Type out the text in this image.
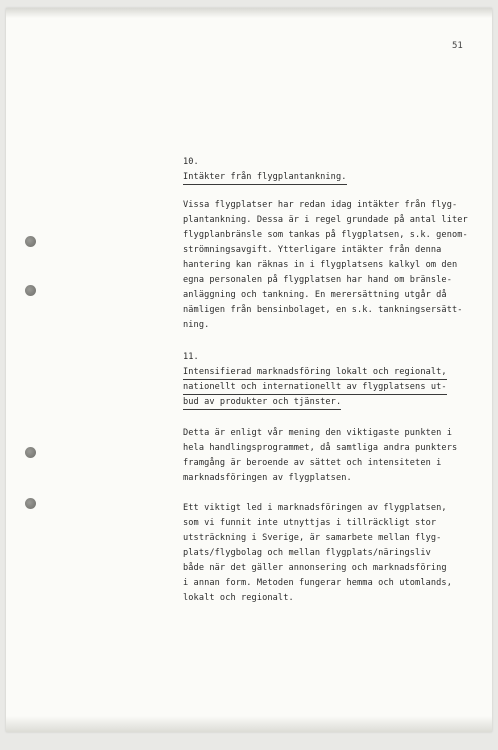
51
10.
Intäkter från flygplantankning.
Vissa flygplatser har redan idag intäkter från flyg-
plantankning. Dessa är i regel grundade på antal liter
flygplanbränsle som tankas på flygplatsen, s.k. genom-
strömningsavgift. Ytterligare intäkter från denna
hantering kan räknas in i flygplatsens kalkyl om den
egna personalen på flygplatsen har hand om bränsle-
anläggning och tankning. En merersättning utgår då
nämligen från bensinbolaget, en s.k. tankningsersätt-
ning.
11.
Intensifierad marknadsföring lokalt och regionalt,
nationellt och internationellt av flygplatsens ut-
bud av produkter och tjänster.
Detta är enligt vår mening den viktigaste punkten i
hela handlingsprogrammet, då samtliga andra punkters
framgång är beroende av sättet och intensiteten i
marknadsföringen av flygplatsen.
Ett viktigt led i marknadsföringen av flygplatsen,
som vi funnit inte utnyttjas i tillräckligt stor
utsträckning i Sverige, är samarbete mellan flyg-
plats/flygbolag och mellan flygplats/näringsliv
både när det gäller annonsering och marknadsföring
i annan form. Metoden fungerar hemma och utomlands,
lokalt och regionalt.
